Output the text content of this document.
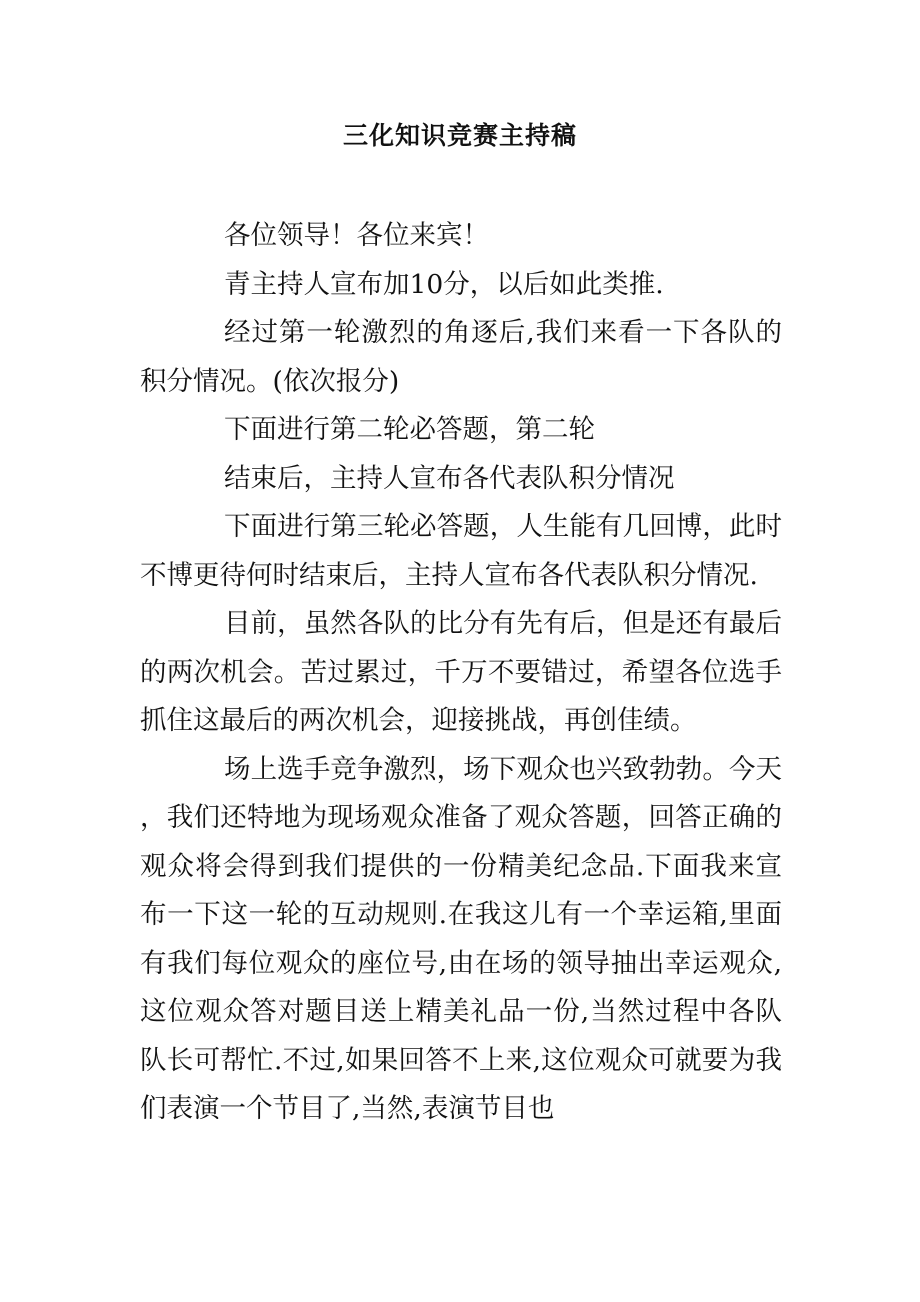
三化知识竞赛主持稿

各位领导！各位来宾！

青主持人宣布加10分，以后如此类推.

经过第一轮激烈的角逐后,我们来看一下各队的积分情况。(依次报分)

下面进行第二轮必答题，第二轮

结束后，主持人宣布各代表队积分情况

下面进行第三轮必答题，人生能有几回博，此时不博更待何时结束后，主持人宣布各代表队积分情况.

目前，虽然各队的比分有先有后，但是还有最后的两次机会。苦过累过，千万不要错过，希望各位选手抓住这最后的两次机会，迎接挑战，再创佳绩。

场上选手竞争激烈，场下观众也兴致勃勃。今天，我们还特地为现场观众准备了观众答题，回答正确的观众将会得到我们提供的一份精美纪念品.下面我来宣布一下这一轮的互动规则.在我这儿有一个幸运箱,里面有我们每位观众的座位号,由在场的领导抽出幸运观众,这位观众答对题目送上精美礼品一份,当然过程中各队队长可帮忙.不过,如果回答不上来,这位观众可就要为我们表演一个节目了,当然,表演节目也
